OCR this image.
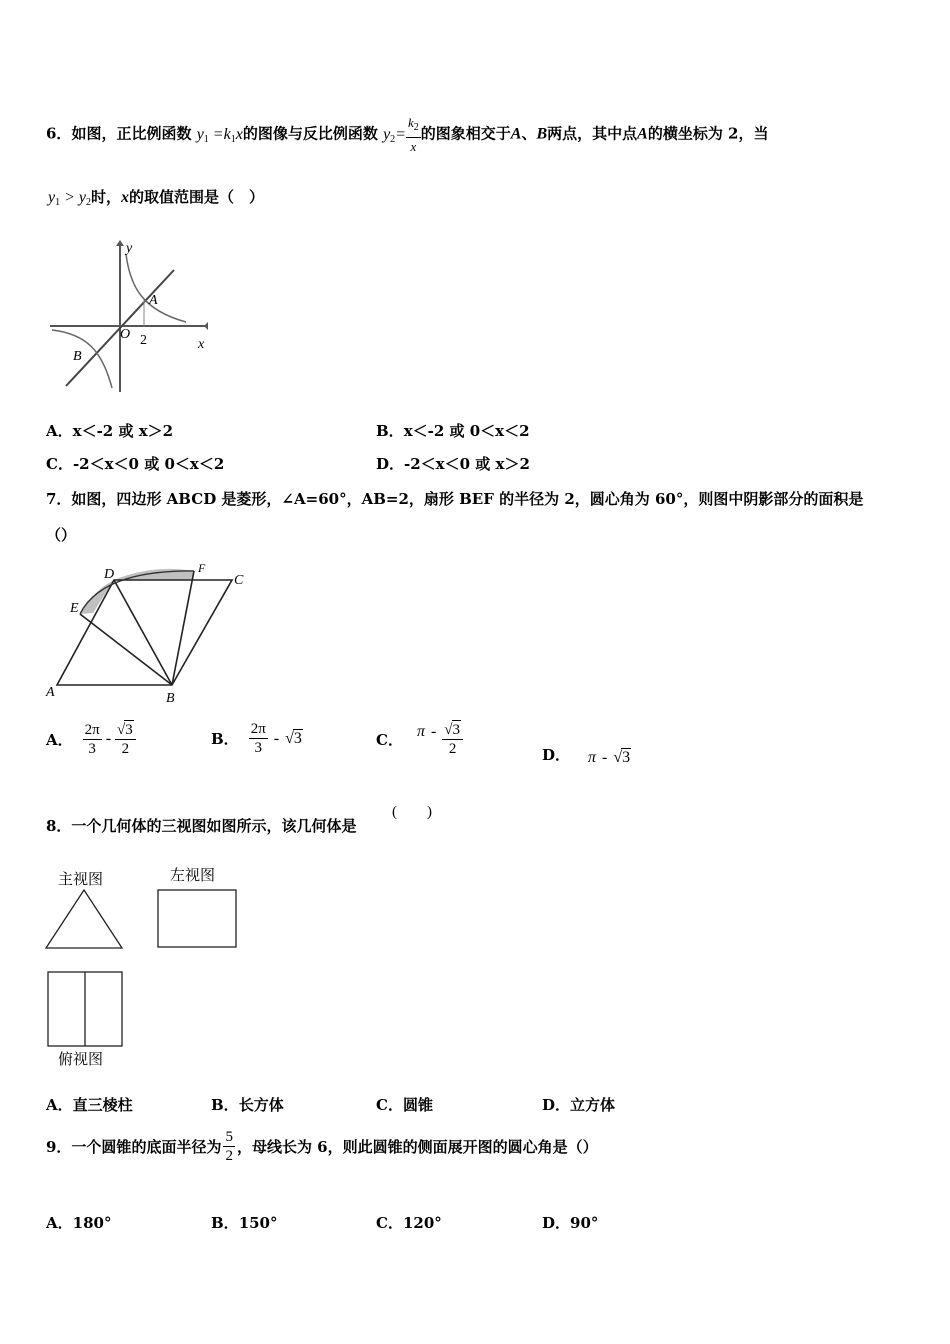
6．如图，正比例函数 $y_1 =k_1x$的图像与反比例函数 $y_2= \frac{k_2}{x}$ 的图象相交于A、B两点，其中点A的横坐标为 2，当
$y_1 > y_2$时，x的取值范围是（　）
y
x
O 2
A
B
A．x＜-2 或 x＞2	B．x＜-2 或 0＜x＜2
C．-2＜x＜0 或 0＜x＜2	D．-2＜x＜0 或 x＞2
7．如图，四边形 ABCD 是菱形，∠A=60°，AB=2，扇形 BEF 的半径为 2，圆心角为 60°，则图中阴影部分的面积是
（）
A	B
C
D
E
F
A． $\frac{2\pi}{3} - \frac{√3}{2}$	B． $\frac{2\pi}{3} - √3$	C． π - $\frac{√3}{2}$	D． π - √3
8．一个几何体的三视图如图所示，该几何体是
(　　)
主视图	左视图
俯视图
A．直三棱柱	B．长方体	C．圆锥	D．立方体
9．一个圆锥的底面半径为 $\frac{5}{2}$ ，母线长为 6，则此圆锥的侧面展开图的圆心角是（）
A．180°	B．150°	C．120°	D．90°
